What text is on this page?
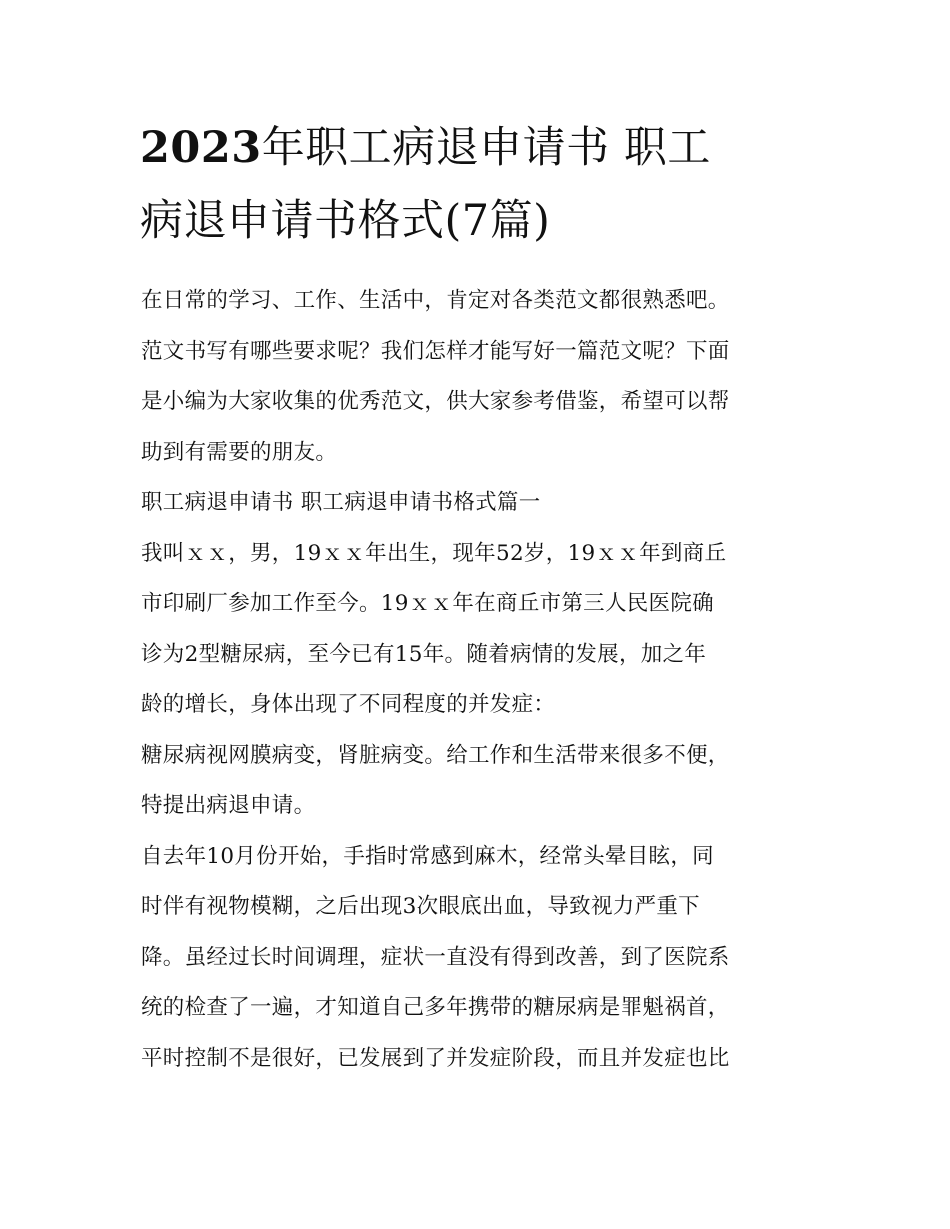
2023年职工病退申请书 职工
病退申请书格式(7篇)
在日常的学习、工作、生活中，肯定对各类范文都很熟悉吧。
范文书写有哪些要求呢？我们怎样才能写好一篇范文呢？下面
是小编为大家收集的优秀范文，供大家参考借鉴，希望可以帮
助到有需要的朋友。
职工病退申请书 职工病退申请书格式篇一
我叫ｘｘ，男，19ｘｘ年出生，现年52岁，19ｘｘ年到商丘
市印刷厂参加工作至今。19ｘｘ年在商丘市第三人民医院确
诊为2型糖尿病，至今已有15年。随着病情的发展，加之年
龄的增长，身体出现了不同程度的并发症：
糖尿病视网膜病变，肾脏病变。给工作和生活带来很多不便，
特提出病退申请。
自去年10月份开始，手指时常感到麻木，经常头晕目眩，同
时伴有视物模糊，之后出现3次眼底出血，导致视力严重下
降。虽经过长时间调理，症状一直没有得到改善，到了医院系
统的检查了一遍，才知道自己多年携带的糖尿病是罪魁祸首，
平时控制不是很好，已发展到了并发症阶段，而且并发症也比
